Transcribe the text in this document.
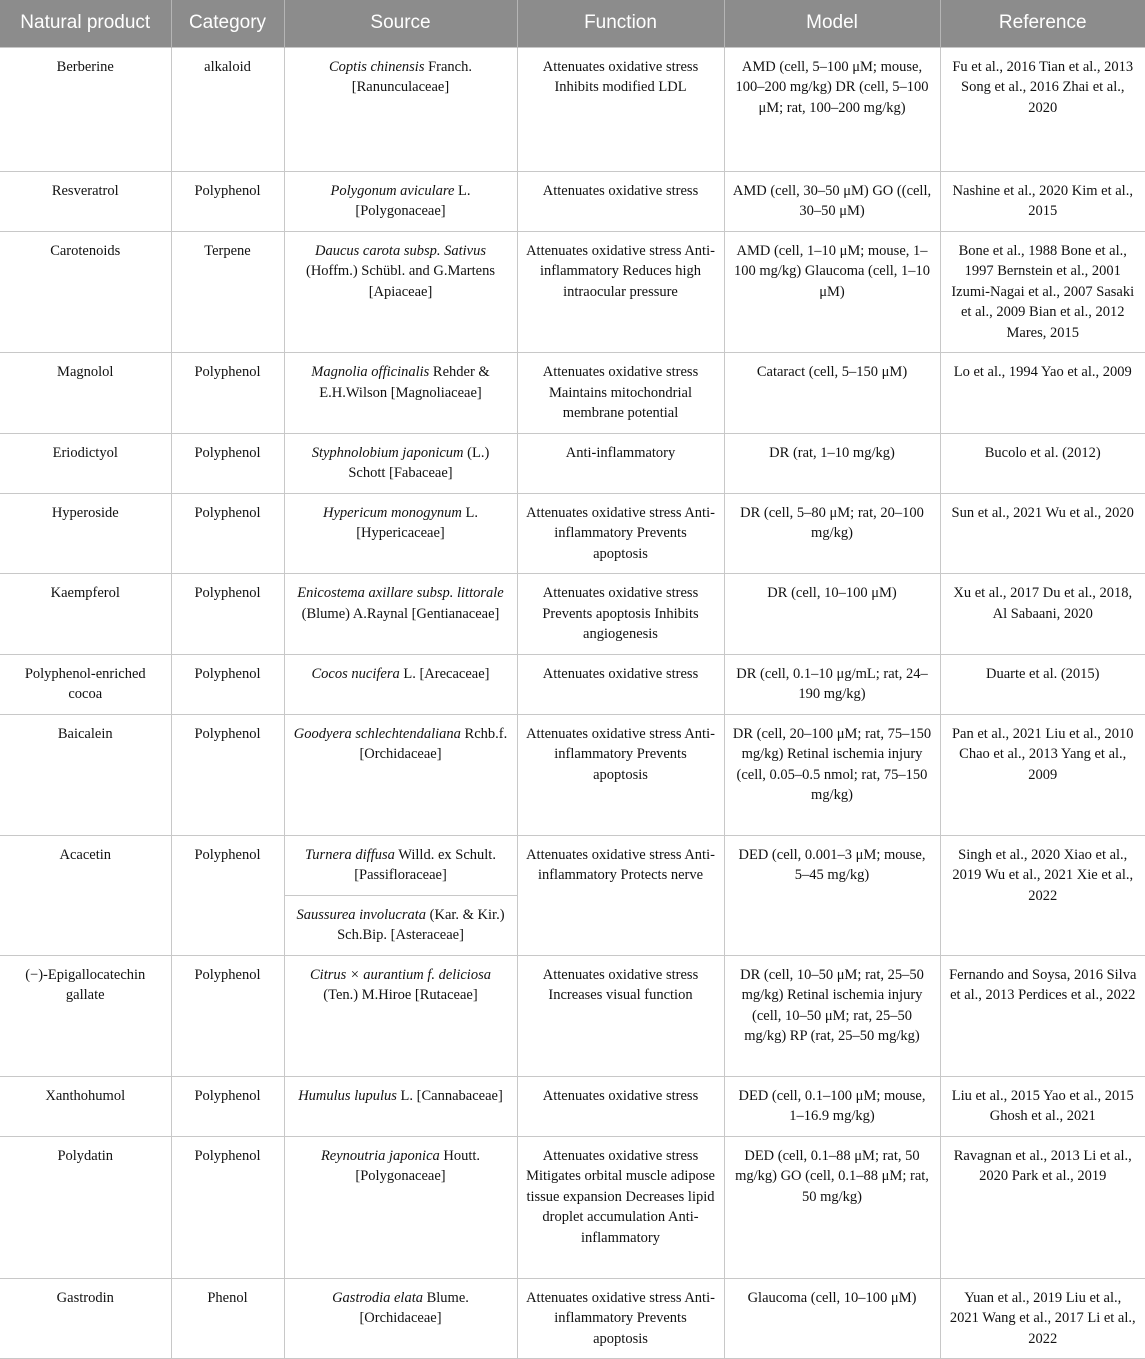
Natural product	Category	Source	Function	Model	Reference
Berberine	alkaloid	Coptis chinensis Franch. [Ranunculaceae]	Attenuates oxidative stress Inhibits modified LDL	AMD (cell, 5–100 μM; mouse, 100–200 mg/kg) DR (cell, 5–100 μM; rat, 100–200 mg/kg)	Fu et al., 2016 Tian et al., 2013 Song et al., 2016 Zhai et al., 2020
Resveratrol	Polyphenol	Polygonum aviculare L. [Polygonaceae]	Attenuates oxidative stress	AMD (cell, 30–50 μM) GO ((cell, 30–50 μM)	Nashine et al., 2020 Kim et al., 2015
Carotenoids	Terpene	Daucus carota subsp. Sativus (Hoffm.) Schübl. and G.Martens [Apiaceae]	Attenuates oxidative stress Anti-inflammatory Reduces high intraocular pressure	AMD (cell, 1–10 μM; mouse, 1–100 mg/kg) Glaucoma (cell, 1–10 μM)	Bone et al., 1988 Bone et al., 1997 Bernstein et al., 2001 Izumi-Nagai et al., 2007 Sasaki et al., 2009 Bian et al., 2012 Mares, 2015
Magnolol	Polyphenol	Magnolia officinalis Rehder & E.H.Wilson [Magnoliaceae]	Attenuates oxidative stress Maintains mitochondrial membrane potential	Cataract (cell, 5–150 μM)	Lo et al., 1994 Yao et al., 2009
Eriodictyol	Polyphenol	Styphnolobium japonicum (L.) Schott [Fabaceae]	Anti-inflammatory	DR (rat, 1–10 mg/kg)	Bucolo et al. (2012)
Hyperoside	Polyphenol	Hypericum monogynum L. [Hypericaceae]	Attenuates oxidative stress Anti-inflammatory Prevents apoptosis	DR (cell, 5–80 μM; rat, 20–100 mg/kg)	Sun et al., 2021 Wu et al., 2020
Kaempferol	Polyphenol	Enicostema axillare subsp. littorale (Blume) A.Raynal [Gentianaceae]	Attenuates oxidative stress Prevents apoptosis Inhibits angiogenesis	DR (cell, 10–100 μM)	Xu et al., 2017 Du et al., 2018, Al Sabaani, 2020
Polyphenol-enriched cocoa	Polyphenol	Cocos nucifera L. [Arecaceae]	Attenuates oxidative stress	DR (cell, 0.1–10 μg/mL; rat, 24–190 mg/kg)	Duarte et al. (2015)
Baicalein	Polyphenol	Goodyera schlechtendaliana Rchb.f. [Orchidaceae]	Attenuates oxidative stress Anti-inflammatory Prevents apoptosis	DR (cell, 20–100 μM; rat, 75–150 mg/kg) Retinal ischemia injury (cell, 0.05–0.5 nmol; rat, 75–150 mg/kg)	Pan et al., 2021 Liu et al., 2010 Chao et al., 2013 Yang et al., 2009
Acacetin	Polyphenol	Turnera diffusa Willd. ex Schult. [Passifloraceae]	Attenuates oxidative stress Anti-inflammatory Protects nerve	DED (cell, 0.001–3 μM; mouse, 5–45 mg/kg)	Singh et al., 2020 Xiao et al., 2019 Wu et al., 2021 Xie et al., 2022
		Saussurea involucrata (Kar. & Kir.) Sch.Bip. [Asteraceae]			
(−)-Epigallocatechin gallate	Polyphenol	Citrus × aurantium f. deliciosa (Ten.) M.Hiroe [Rutaceae]	Attenuates oxidative stress Increases visual function	DR (cell, 10–50 μM; rat, 25–50 mg/kg) Retinal ischemia injury (cell, 10–50 μM; rat, 25–50 mg/kg) RP (rat, 25–50 mg/kg)	Fernando and Soysa, 2016 Silva et al., 2013 Perdices et al., 2022
Xanthohumol	Polyphenol	Humulus lupulus L. [Cannabaceae]	Attenuates oxidative stress	DED (cell, 0.1–100 μM; mouse, 1–16.9 mg/kg)	Liu et al., 2015 Yao et al., 2015 Ghosh et al., 2021
Polydatin	Polyphenol	Reynoutria japonica Houtt. [Polygonaceae]	Attenuates oxidative stress Mitigates orbital muscle adipose tissue expansion Decreases lipid droplet accumulation Anti-inflammatory	DED (cell, 0.1–88 μM; rat, 50 mg/kg) GO (cell, 0.1–88 μM; rat, 50 mg/kg)	Ravagnan et al., 2013 Li et al., 2020 Park et al., 2019
Gastrodin	Phenol	Gastrodia elata Blume. [Orchidaceae]	Attenuates oxidative stress Anti-inflammatory Prevents apoptosis	Glaucoma (cell, 10–100 μM)	Yuan et al., 2019 Liu et al., 2021 Wang et al., 2017 Li et al., 2022
